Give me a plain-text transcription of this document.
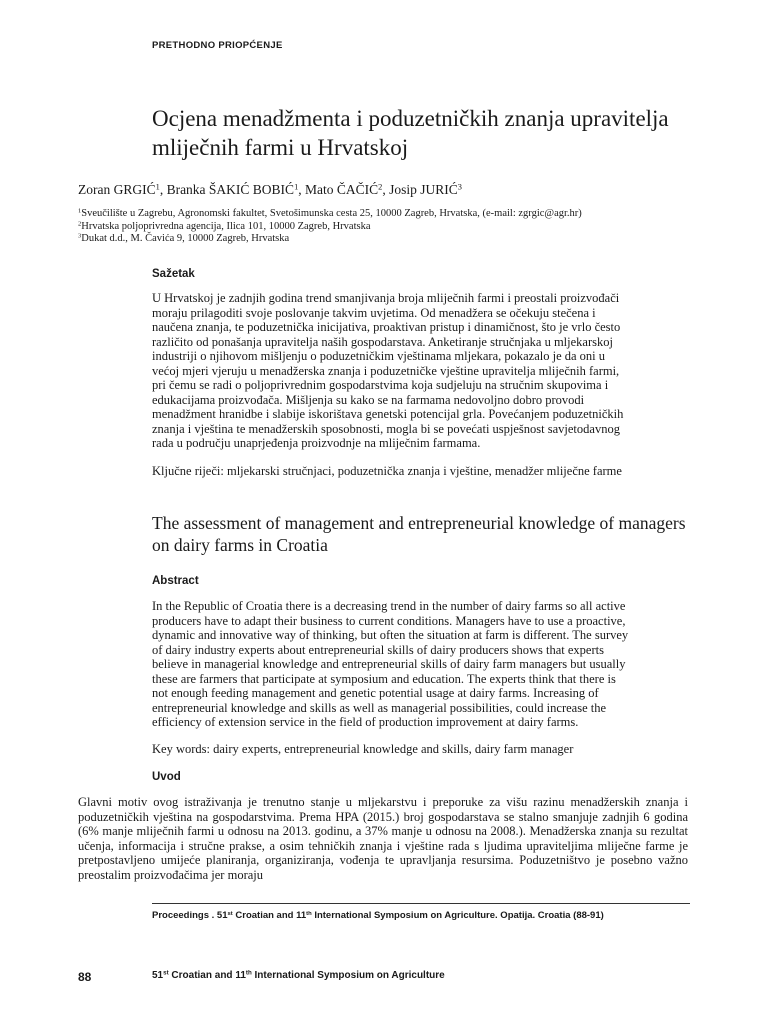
PRETHODNO PRIOPĆENJE
Ocjena menadžmenta i poduzetničkih znanja upravitelja mliječnih farmi u Hrvatskoj
Zoran GRGIĆ$^1$, Branka ŠAKIĆ BOBIĆ$^1$, Mato ČAČIĆ$^2$, Josip JURIĆ$^3$
$^1$Sveučilište u Zagrebu, Agronomski fakultet, Svetošimunska cesta 25, 10000 Zagreb, Hrvatska, (e-mail: zgrgic@agr.hr)
$^2$Hrvatska poljoprivredna agencija, Ilica 101, 10000 Zagreb, Hrvatska
$^3$Dukat d.d., M. Čavića 9, 10000 Zagreb, Hrvatska
Sažetak
U Hrvatskoj je zadnjih godina trend smanjivanja broja mliječnih farmi i preostali proizvođači
moraju prilagoditi svoje poslovanje takvim uvjetima. Od menadžera se očekuju stečena i
naučena znanja, te poduzetnička inicijativa, proaktivan pristup i dinamičnost, što je vrlo često
različito od ponašanja upravitelja naših gospodarstava. Anketiranje stručnjaka u mljekarskoj
industriji o njihovom mišljenju o poduzetničkim vještinama mljekara, pokazalo je da oni u
većoj mjeri vjeruju u menadžerska znanja i poduzetničke vještine upravitelja mliječnih farmi,
pri čemu se radi o poljoprivrednim gospodarstvima koja sudjeluju na stručnim skupovima i
edukacijama proizvođača. Mišljenja su kako se na farmama nedovoljno dobro provodi
menadžment hranidbe i slabije iskorištava genetski potencijal grla. Povećanjem poduzetničkih
znanja i vještina te menadžerskih sposobnosti, mogla bi se povećati uspješnost savjetodavnog
rada u području unaprjeđenja proizvodnje na mliječnim farmama.
Ključne riječi: mljekarski stručnjaci, poduzetnička znanja i vještine, menadžer mliječne farme
The assessment of management and entrepreneurial knowledge of managers on dairy farms in Croatia
Abstract
In the Republic of Croatia there is a decreasing trend in the number of dairy farms so all active
producers have to adapt their business to current conditions. Managers have to use a proactive,
dynamic and innovative way of thinking, but often the situation at farm is different. The survey
of dairy industry experts about entrepreneurial skills of dairy producers shows that experts
believe in managerial knowledge and entrepreneurial skills of dairy farm managers but usually
these are farmers that participate at symposium and education. The experts think that there is
not enough feeding management and genetic potential usage at dairy farms. Increasing of
entrepreneurial knowledge and skills as well as managerial possibilities, could increase the
efficiency of extension service in the field of production improvement at dairy farms.
Key words: dairy experts, entrepreneurial knowledge and skills, dairy farm manager
Uvod
Glavni motiv ovog istraživanja je trenutno stanje u mljekarstvu i preporuke za višu razinu menadžerskih znanja i poduzetničkih vještina na gospodarstvima. Prema HPA (2015.) broj gospodarstava se stalno smanjuje zadnjih 6 godina (6% manje mliječnih farmi u odnosu na 2013. godinu, a 37% manje u odnosu na 2008.). Menadžerska znanja su rezultat učenja, informacija i stručne prakse, a osim tehničkih znanja i vještine rada s ljudima upraviteljima mliječne farme je pretpostavljeno umijeće planiranja, organiziranja, vođenja te upravljanja resursima. Poduzetništvo je posebno važno preostalim proizvođačima jer moraju
Proceedings . 51st Croatian and 11th International Symposium on Agriculture. Opatija. Croatia (88-91)
88	51st Croatian and 11th International Symposium on Agriculture
